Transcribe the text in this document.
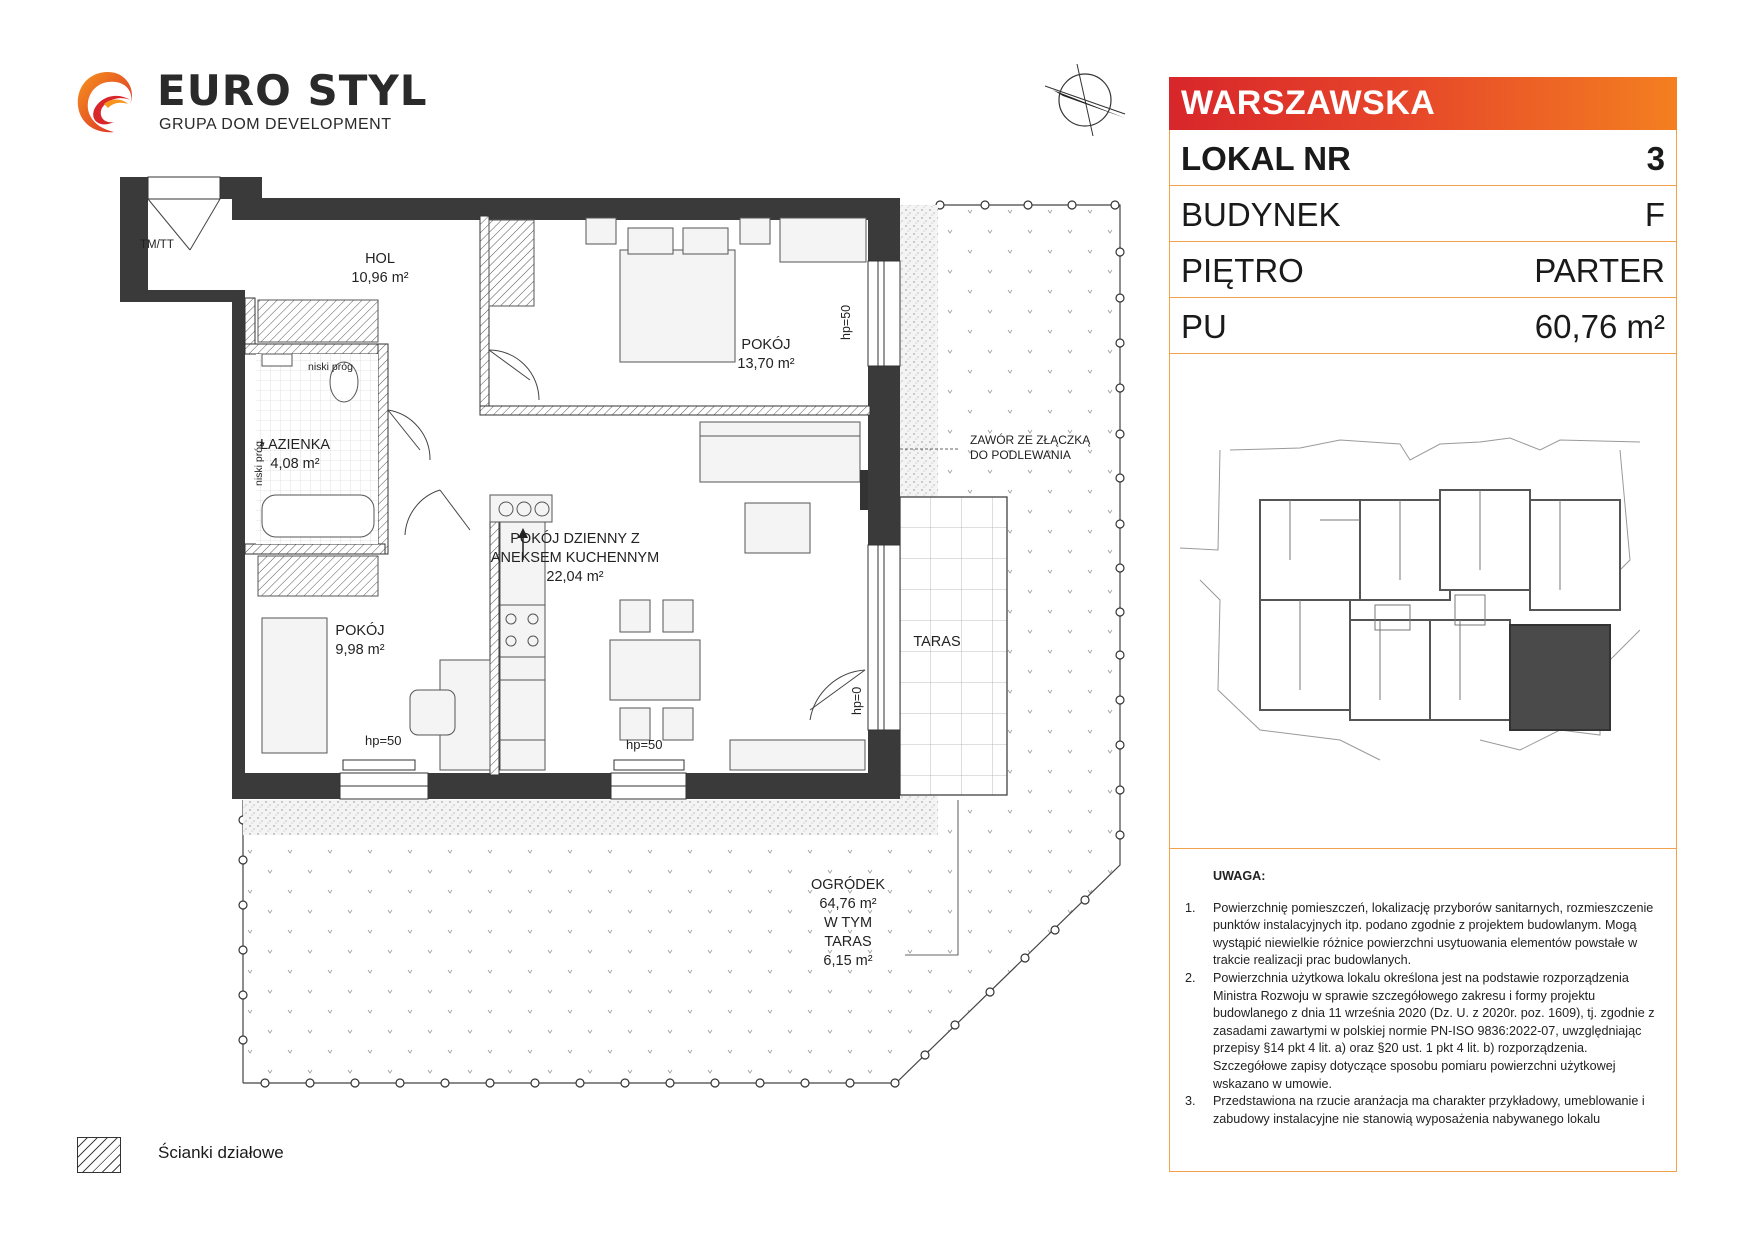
EURO STYL
GRUPA DOM DEVELOPMENT
HOL
10,96 m²
POKÓJ
13,70 m²
ŁAZIENKA
4,08 m²
POKÓJ DZIENNY Z
ANEKSEM KUCHENNYM
22,04 m²
POKÓJ
9,98 m²	TARAS
OGRÓDEK
64,76 m²
W TYM
TARAS
6,15 m²
TM/TT
niski próg
niski próg
hp=50
hp=50	hp=50
hp=0
ZAWÓR ZE ZŁĄCZKĄ
DO PODLEWANIA
WARSZAWSKA
LOKAL NR	3
BUDYNEK	F
PIĘTRO	PARTER
PU	60,76 m²
UWAGA:
1. Powierzchnię pomieszczeń, lokalizację przyborów sanitarnych, rozmieszczenie punktów instalacyjnych itp. podano zgodnie z projektem budowlanym. Mogą wystąpić niewielkie różnice powierzchni usytuowania elementów powstałe w trakcie realizacji prac budowlanych.
2. Powierzchnia użytkowa lokalu określona jest na podstawie rozporządzenia Ministra Rozwoju w sprawie szczegółowego zakresu i formy projektu budowlanego z dnia 11 września 2020 (Dz. U. z 2020r. poz. 1609), tj. zgodnie z zasadami zawartymi w polskiej normie PN-ISO 9836:2022-07, uwzględniając przepisy §14 pkt 4 lit. a) oraz §20 ust. 1 pkt 4 lit. b) rozporządzenia. Szczegółowe zapisy dotyczące sposobu pomiaru powierzchni użytkowej wskazano w umowie.
3. Przedstawiona na rzucie aranżacja ma charakter przykładowy, umeblowanie i zabudowy instalacyjne nie stanowią wyposażenia nabywanego lokalu
Ścianki działowe
